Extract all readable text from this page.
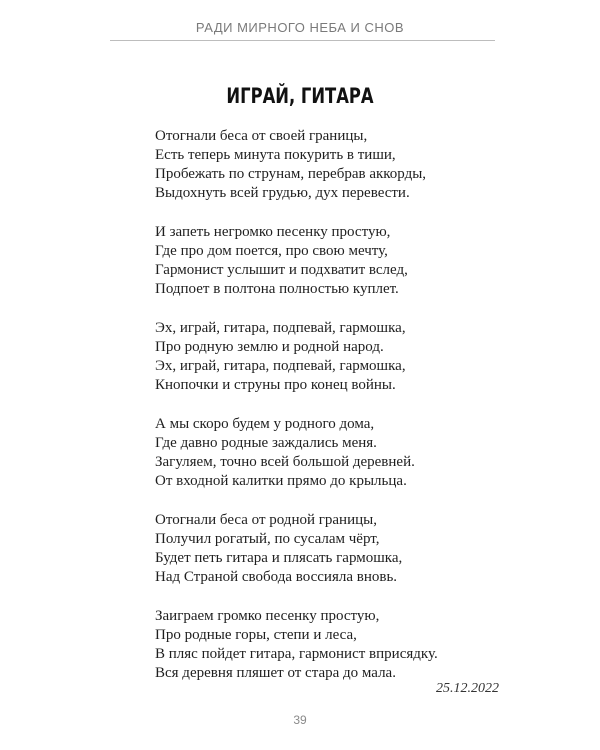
РАДИ МИРНОГО НЕБА И СНОВ
ИГРАЙ, ГИТАРА
Отогнали беса от своей границы,
Есть теперь минута покурить в тиши,
Пробежать по струнам, перебрав аккорды,
Выдохнуть всей грудью, дух перевести.
И запеть негромко песенку простую,
Где про дом поется, про свою мечту,
Гармонист услышит и подхватит вслед,
Подпоет в полтона полностью куплет.
Эх, играй, гитара, подпевай, гармошка,
Про родную землю и родной народ.
Эх, играй, гитара, подпевай, гармошка,
Кнопочки и струны про конец войны.
А мы скоро будем у родного дома,
Где давно родные заждались меня.
Загуляем, точно всей большой деревней.
От входной калитки прямо до крыльца.
Отогнали беса от родной границы,
Получил рогатый, по сусалам чёрт,
Будет петь гитара и плясать гармошка,
Над Страной свобода воссияла вновь.
Заиграем громко песенку простую,
Про родные горы, степи и леса,
В пляс пойдет гитара, гармонист вприсядку.
Вся деревня пляшет от стара до мала.
25.12.2022
39
